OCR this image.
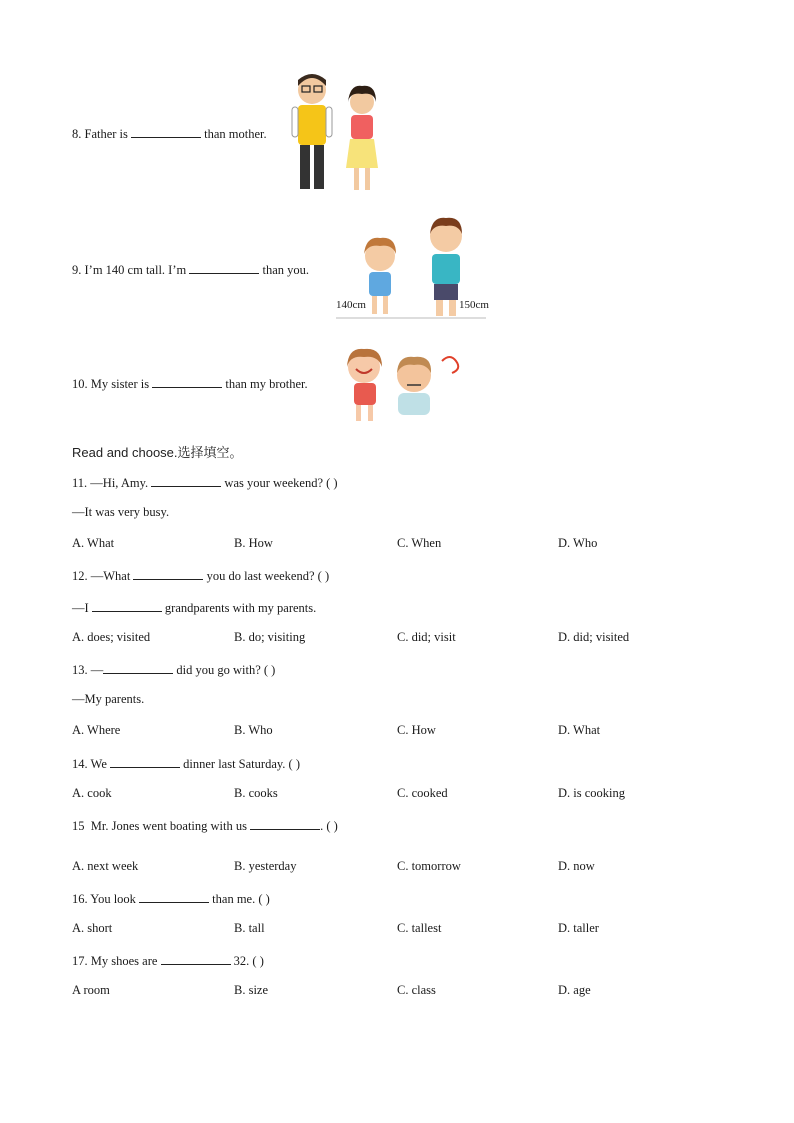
8. Father is	than mother.
9. I’m 140 cm tall. I’m	than you.
140cm	150cm
10. My sister is	than my brother.
Read and choose.选择填空。
11. —Hi, Amy.	was your weekend? ( )
—It was very busy.
A. What	B. How	C. When	D. Who
12. —What	you do last weekend? ( )
—I	grandparents with my parents.
A. does; visited	B. do; visiting	C. did; visit	D. did; visited
13. —	did you go with? ( )
—My parents.
A. Where	B. Who	C. How	D. What
14. We	dinner last Saturday. ( )
A. cook	B. cooks	C. cooked	D. is cooking
15 Mr. Jones went boating with us	. ( )
A. next week	B. yesterday	C. tomorrow	D. now
16. You look	than me. ( )
A. short	B. tall	C. tallest	D. taller
17. My shoes are	32. ( )
A room	B. size	C. class	D. age
